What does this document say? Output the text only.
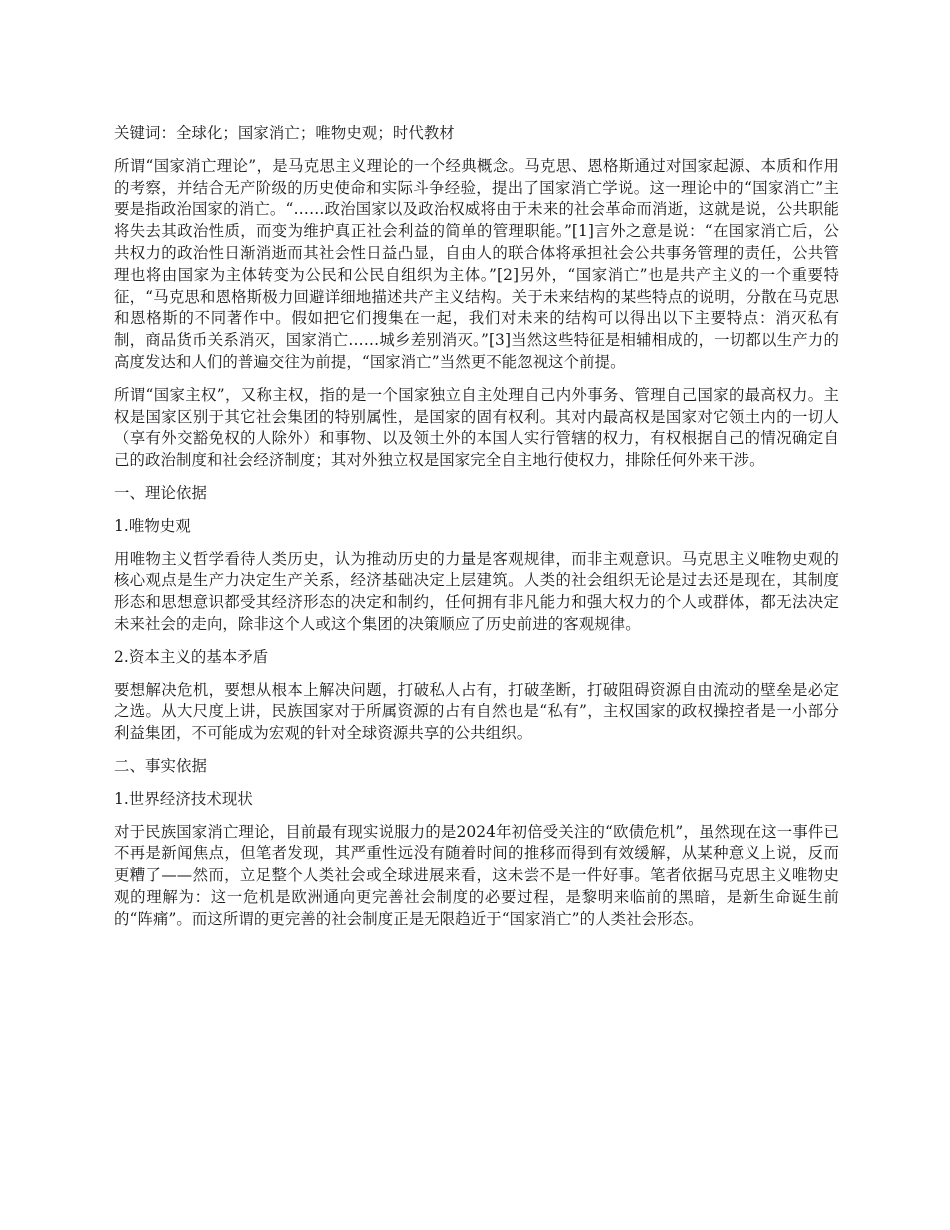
关键词：全球化；国家消亡；唯物史观；时代教材

所谓“国家消亡理论”，是马克思主义理论的一个经典概念。马克思、恩格斯通过对国家起源、本质和作用的考察，并结合无产阶级的历史使命和实际斗争经验，提出了国家消亡学说。这一理论中的“国家消亡”主要是指政治国家的消亡。“……政治国家以及政治权威将由于未来的社会革命而消逝，这就是说，公共职能将失去其政治性质，而变为维护真正社会利益的简单的管理职能。”[1]言外之意是说：“在国家消亡后，公共权力的政治性日渐消逝而其社会性日益凸显，自由人的联合体将承担社会公共事务管理的责任，公共管理也将由国家为主体转变为公民和公民自组织为主体。”[2]另外，“国家消亡”也是共产主义的一个重要特征，“马克思和恩格斯极力回避详细地描述共产主义结构。关于未来结构的某些特点的说明，分散在马克思和恩格斯的不同著作中。假如把它们搜集在一起，我们对未来的结构可以得出以下主要特点：消灭私有制，商品货币关系消灭，国家消亡……城乡差别消灭。”[3]当然这些特征是相辅相成的，一切都以生产力的高度发达和人们的普遍交往为前提，“国家消亡”当然更不能忽视这个前提。

所谓“国家主权”，又称主权，指的是一个国家独立自主处理自己内外事务、管理自己国家的最高权力。主权是国家区别于其它社会集团的特别属性，是国家的固有权利。其对内最高权是国家对它领土内的一切人（享有外交豁免权的人除外）和事物、以及领土外的本国人实行管辖的权力，有权根据自己的情况确定自己的政治制度和社会经济制度；其对外独立权是国家完全自主地行使权力，排除任何外来干涉。

一、理论依据

1.唯物史观

用唯物主义哲学看待人类历史，认为推动历史的力量是客观规律，而非主观意识。马克思主义唯物史观的核心观点是生产力决定生产关系，经济基础决定上层建筑。人类的社会组织无论是过去还是现在，其制度形态和思想意识都受其经济形态的决定和制约，任何拥有非凡能力和强大权力的个人或群体，都无法决定未来社会的走向，除非这个人或这个集团的决策顺应了历史前进的客观规律。

2.资本主义的基本矛盾

要想解决危机，要想从根本上解决问题，打破私人占有，打破垄断，打破阻碍资源自由流动的壁垒是必定之选。从大尺度上讲，民族国家对于所属资源的占有自然也是“私有”，主权国家的政权操控者是一小部分利益集团，不可能成为宏观的针对全球资源共享的公共组织。

二、事实依据

1.世界经济技术现状

对于民族国家消亡理论，目前最有现实说服力的是2024年初倍受关注的“欧债危机”，虽然现在这一事件已不再是新闻焦点，但笔者发现，其严重性远没有随着时间的推移而得到有效缓解，从某种意义上说，反而更糟了——然而，立足整个人类社会或全球进展来看，这未尝不是一件好事。笔者依据马克思主义唯物史观的理解为：这一危机是欧洲通向更完善社会制度的必要过程，是黎明来临前的黑暗，是新生命诞生前的“阵痛”。而这所谓的更完善的社会制度正是无限趋近于“国家消亡”的人类社会形态。
